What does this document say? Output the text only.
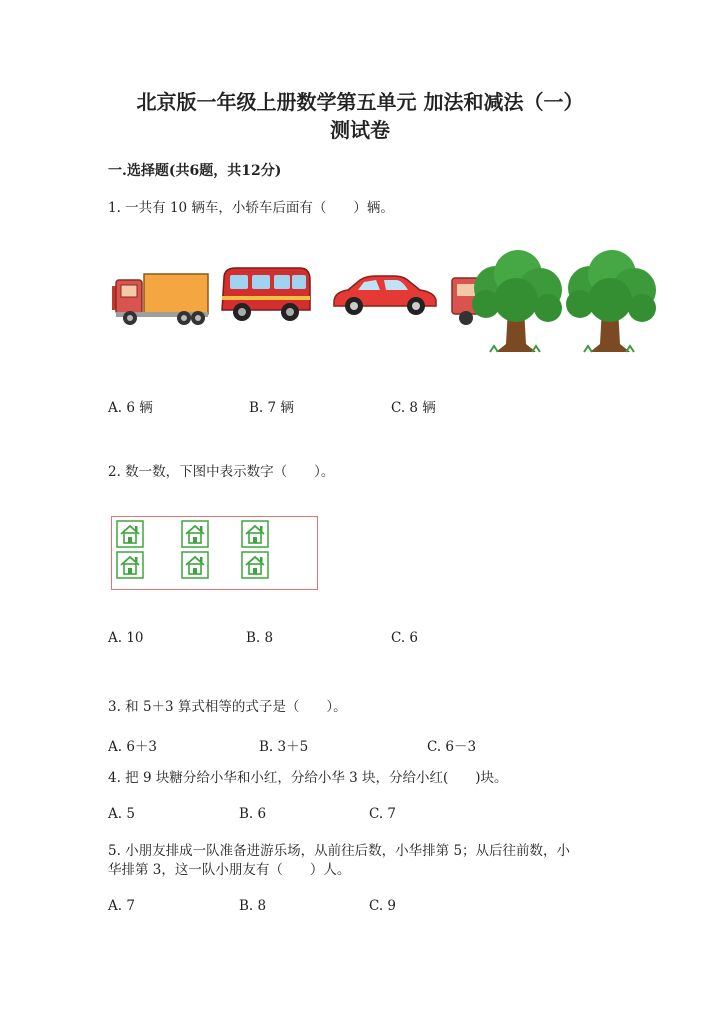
北京版一年级上册数学第五单元 加法和减法（一）
测试卷
一.选择题(共6题，共12分)
1. 一共有 10 辆车，小轿车后面有（　　）辆。
A. 6 辆	B. 7 辆	C. 8 辆
2. 数一数，下图中表示数字（　　）。
A. 10	B. 8	C. 6
3. 和 5＋3 算式相等的式子是（　　）。
A. 6＋3	B. 3＋5	C. 6－3
4. 把 9 块糖分给小华和小红，分给小华 3 块，分给小红(　　)块。
A. 5	B. 6	C. 7
5. 小朋友排成一队准备进游乐场，从前往后数，小华排第 5；从后往前数，小
华排第 3，这一队小朋友有（　　）人。
A. 7	B. 8	C. 9
